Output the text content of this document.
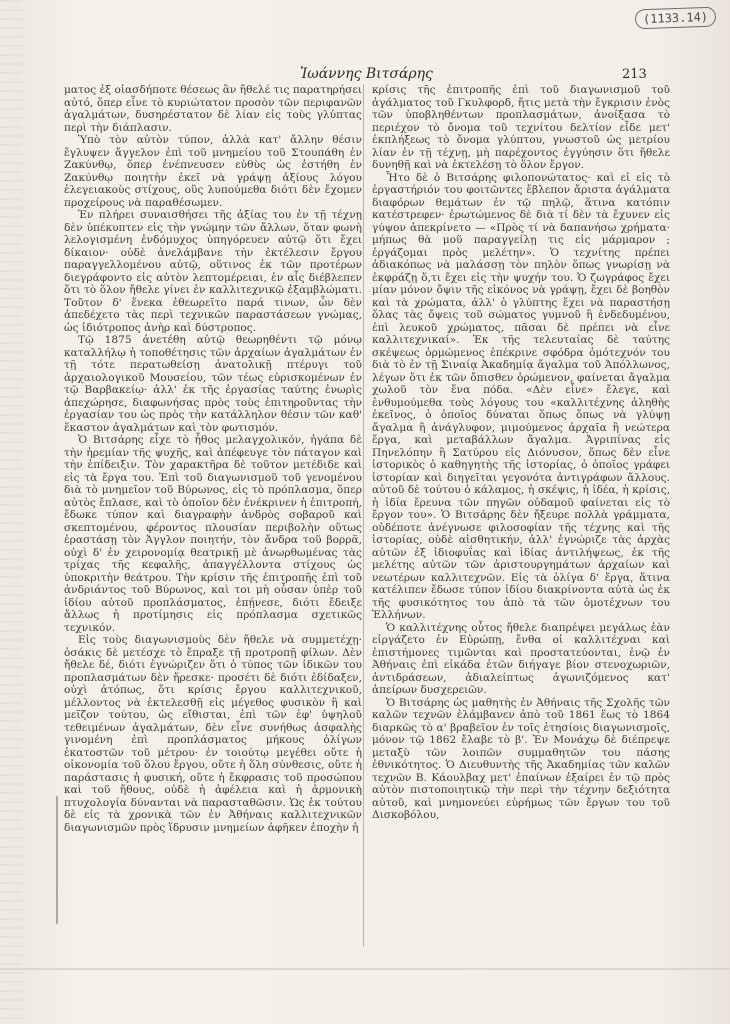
(1133.14)
Ἰωάννης Βιτσάρης	213

ματος ἐξ οἱασδήποτε θέσεως ἂν ἤθελέ τις παρατηρήσει αὐτό, ὅπερ εἶνε τὸ κυριώτατον προσὸν τῶν περιφανῶν ἀγαλμάτων, δυσηρέστατον δὲ λίαν εἰς τοὺς γλύπτας περὶ τὴν διάπλασιν.

Ὑπὸ τὸν αὐτὸν τύπον, ἀλλὰ κατ' ἄλλην θέσιν ἔγλυψεν ἄγγελον ἐπὶ τοῦ μνημείου τοῦ Στουπάθη ἐν Ζακύνθῳ, ὅπερ ἐνέπνευσεν εὐθὺς ὡς ἐστήθη ἐν Ζακύνθῳ ποιητὴν ἐκεῖ νὰ γράψῃ ἀξίους λόγου ἐλεγειακοὺς στίχους, οὓς λυπούμεθα διότι δὲν ἔχομεν προχείρους νὰ παραθέσωμεν.

Ἐν πλήρει συναισθήσει τῆς ἀξίας του ἐν τῇ τέχνῃ δὲν ὑπέκυπτεν εἰς τὴν γνώμην τῶν ἄλλων, ὅταν φωνὴ λελογισμένη ἐνδόμυχος ὑπηγόρευεν αὐτῷ ὅτι ἔχει δίκαιον· οὐδὲ ἀνελάμβανε τὴν ἐκτέλεσιν ἔργου παραγγελλομένου αὐτῷ, οὕτινος ἐκ τῶν προτέρων διεγράφοντο εἰς αὐτὸν λεπτομέρειαι, ἐν αἷς διέβλεπεν ὅτι τὸ ὅλον ἤθελε γίνει ἐν καλλιτεχνικῷ ἐξαμβλώματι. Τοῦτον δ' ἕνεκα ἐθεωρεῖτο παρά τινων, ὧν δὲν ἀπεδέχετο τὰς περὶ τεχνικῶν παραστάσεων γνώμας, ὡς ἰδιότροπος ἀνὴρ καὶ δύστροπος.

Τῷ 1875 ἀνετέθη αὐτῷ θεωρηθέντι τῷ μόνῳ καταλλήλῳ ἡ τοποθέτησις τῶν ἀρχαίων ἀγαλμάτων ἐν τῇ τότε περατωθείσῃ ἀνατολικῇ πτέρυγι τοῦ ἀρχαιολογικοῦ Μουσείου, τῶν τέως εὑρισκομένων ἐν τῷ Βαρβακείῳ· ἀλλ' ἐκ τῆς ἐργασίας ταύτης ἐνωρὶς ἀπεχώρησε, διαφωνήσας πρὸς τοὺς ἐπιτηροῦντας τὴν ἐργασίαν του ὡς πρὸς τὴν κατάλληλον θέσιν τῶν καθ' ἕκαστον ἀγαλμάτων καὶ τὸν φωτισμόν.

Ὁ Βιτσάρης εἶχε τὸ ἦθος μελαγχολικόν, ἠγάπα δὲ τὴν ἠρεμίαν τῆς ψυχῆς, καὶ ἀπέφευγε τὸν πάταγον καὶ τὴν ἐπίδειξιν. Τὸν χαρακτῆρα δὲ τοῦτον μετέδιδε καὶ εἰς τὰ ἔργα του. Ἐπὶ τοῦ διαγωνισμοῦ τοῦ γενομένου διὰ τὸ μνημεῖον τοῦ Βύρωνος, εἰς τὸ πρόπλασμα, ὅπερ αὐτὸς ἔπλασε, καὶ τὸ ὁποῖον δὲν ἐνέκρινεν ἡ ἐπιτροπή, ἔδωκε τύπον καὶ διαγραφὴν ἀνδρὸς σοβαροῦ καὶ σκεπτομένου, φέροντος πλουσίαν περιβολὴν οὕτως ἐραστάσῃ τὸν Ἀγγλον ποιητήν, τὸν ἄνδρα τοῦ βορρᾶ, οὐχὶ δ' ἐν χειρονομίᾳ θεατρικῇ μὲ ἀνωρθωμένας τὰς τρίχας τῆς κεφαλῆς, ἀπαγγέλλοντα στίχους ὡς ὑποκριτὴν θεάτρου. Τὴν κρίσιν τῆς ἐπιτροπῆς ἐπὶ τοῦ ἀνδριάντος τοῦ Βύρωνος, καὶ τοι μὴ οὖσαν ὑπὲρ τοῦ ἰδίου αὐτοῦ προπλάσματος, ἐπῄνεσε, διότι ἔδειξε ἄλλως ἡ προτίμησις εἰς πρόπλασμα σχετικῶς τεχνικόν.

Εἰς τοὺς διαγωνισμοὺς δὲν ἤθελε νὰ συμμετέχῃ· ὁσάκις δὲ μετέσχε τὸ ἔπραξε τῇ προτροπῇ φίλων. Δὲν ἤθελε δέ, διότι ἐγνώριζεν ὅτι ὁ τύπος τῶν ἰδικῶν του προπλασμάτων δὲν ἤρεσκε· προσέτι δὲ διότι ἐδίδαξεν, οὐχὶ ἀτόπως, ὅτι κρίσις ἔργου καλλιτεχνικοῦ, μέλλοντος νὰ ἐκτελεσθῇ εἰς μέγεθος φυσικὸν ἢ καὶ μεῖζον τούτου, ὡς εἴθισται, ἐπὶ τῶν ἐφ' ὑψηλοῦ τεθειμένων ἀγαλμάτων, δὲν εἶνε συνήθως ἀσφαλὴς γινομένη ἐπὶ προπλάσματος μήκους ὀλίγων ἑκατοστῶν τοῦ μέτρου· ἐν τοιούτῳ μεγέθει οὔτε ἡ οἰκονομία τοῦ ὅλου ἔργου, οὔτε ἡ ὅλη σύνθεσις, οὔτε ἡ παράστασις ἡ φυσική, οὔτε ἡ ἔκφρασις τοῦ προσώπου καὶ τοῦ ἤθους, οὐδὲ ἡ ἀφέλεια καὶ ἡ ἁρμονικὴ πτυχολογία δύνανται νὰ παρασταθῶσιν. Ὡς ἐκ τούτου δὲ εἰς τὰ χρονικὰ τῶν ἐν Ἀθήναις καλλιτεχνικῶν διαγωνισμῶν πρὸς ἵδρυσιν μνημείων ἀφῆκεν ἐποχὴν ἡ

κρίσις τῆς ἐπιτροπῆς ἐπὶ τοῦ διαγωνισμοῦ τοῦ ἀγάλματος τοῦ Γκυλφορδ, ἥτις μετὰ τὴν ἔγκρισιν ἑνὸς τῶν ὑποβληθέντων προπλασμάτων, ἀνοίξασα τὸ περιέχον τὸ ὄνομα τοῦ τεχνίτου δελτίον εἶδε μετ' ἐκπλήξεως τὸ ὄνομα γλύπτου, γνωστοῦ ὡς μετρίου λίαν ἐν τῇ τέχνῃ, μὴ παρέχοντος ἐγγύησιν ὅτι ἤθελε δυνηθῇ καὶ νὰ ἐκτελέσῃ τὸ ὅλον ἔργον.

Ἦτο δὲ ὁ Βιτσάρης φιλοπονώτατος· καὶ εἰ εἰς τὸ ἐργαστήριόν του φοιτῶντες ἔβλεπον ἄριστα ἀγάλματα διαφόρων θεμάτων ἐν τῷ πηλῷ, ἅτινα κατόπιν κατέστρεφεν· ἐρωτώμενος δὲ διὰ τί δὲν τὰ ἔχυνεν εἰς γύψον ἀπεκρίνετο — «Πρὸς τί νὰ δαπανήσω χρήματα· μήπως θὰ μοῦ παραγγείλῃ τις εἰς μάρμαρον ; ἐργάζομαι πρὸς μελέτην». Ὁ τεχνίτης πρέπει ἀδιακόπως νὰ μαλάσσῃ τὸν πηλὸν ὅπως γνωρίσῃ νὰ ἐκφράζῃ ὅ,τι ἔχει εἰς τὴν ψυχήν του. Ὁ ζωγράφος ἔχει μίαν μόνον ὄψιν τῆς εἰκόνος νὰ γράψῃ, ἔχει δὲ βοηθὸν καὶ τὰ χρώματα, ἀλλ' ὁ γλύπτης ἔχει νὰ παραστήσῃ ὅλας τὰς ὄψεις τοῦ σώματος γυμνοῦ ἢ ἐνδεδυμένου, ἐπὶ λευκοῦ χρώματος, πᾶσαι δὲ πρέπει νὰ εἶνε καλλιτεχνικαί». Ἐκ τῆς τελευταίας δὲ ταύτης σκέψεως ὁρμώμενος ἐπέκρινε σφόδρα ὁμότεχνόν του διὰ τὸ ἐν τῇ Σιναίᾳ Ἀκαδημίᾳ ἄγαλμα τοῦ Ἀπόλλωνος, λέγων ὅτι ἐκ τῶν ὄπισθεν ὁρώμενον, φαίνεται ἄγαλμα χωλοῦ τὸν ἕνα πόδα. «Δὲν εἶνε» ἔλεγε, καὶ ἐνθυμούμεθα τοὺς λόγους του «καλλιτέχνης ἀληθὴς ἐκεῖνος, ὁ ὁποῖος δύναται ὅπως ὅπως νὰ γλύψῃ ἄγαλμα ἢ ἀνάγλυφον, μιμούμενος ἀρχαῖα ἢ νεώτερα ἔργα, καὶ μεταβάλλων ἄγαλμα. Ἀγριπίνας εἰς Πηνελόπην ἢ Σατύρου εἰς Διόνυσον, ὅπως δὲν εἶνε ἱστορικὸς ὁ καθηγητὴς τῆς ἱστορίας, ὁ ὁποῖος γράφει ἱστορίαν καὶ διηγεῖται γεγονότα ἀντιγράφων ἄλλους. αὐτοῦ δὲ τούτου ὁ κάλαμος, ἡ σκέψις, ἡ ἰδέα, ἡ κρίσις, ἡ ἰδία ἔρευνα τῶν πηγῶν οὐδαμοῦ φαίνεται εἰς τὸ ἔργον του». Ὁ Βιτσάρης δὲν ἤξευρε πολλὰ γράμματα, οὐδέποτε ἀνέγνωσε φιλοσοφίαν τῆς τέχνης καὶ τῆς ἱστορίας, οὐδὲ αἰσθητικήν, ἀλλ' ἐγνώριζε τὰς ἀρχὰς αὐτῶν ἐξ ἰδιοφυΐας καὶ ἰδίας ἀντιλήψεως, ἐκ τῆς μελέτης αὐτῶν τῶν ἀριστουργημάτων ἀρχαίων καὶ νεωτέρων καλλιτεχνῶν. Εἰς τὰ ὀλίγα δ' ἔργα, ἅτινα κατέλιπεν ἔδωσε τύπον ἰδίου διακρίνοντα αὐτὰ ὡς ἐκ τῆς φυσικότητος του ἀπὸ τὰ τῶν ὁμοτέχνων του Ἑλλήνων.

Ὁ καλλιτέχνης οὗτος ἤθελε διαπρέψει μεγάλως ἐὰν εἰργάζετο ἐν Εὐρώπῃ, ἔνθα οἱ καλλιτέχναι καὶ ἐπιστήμονες τιμῶνται καὶ προστατεύονται, ἐνῷ ἐν Ἀθήναις ἐπὶ εἰκάδα ἐτῶν διήγαγε βίον στενοχωριῶν, ἀντιδράσεων, ἀδιαλείπτως ἀγωνιζόμενος κατ' ἀπείρων δυσχερειῶν.

Ὁ Βιτσάρης ὡς μαθητὴς ἐν Ἀθήναις τῆς Σχολῆς τῶν καλῶν τεχνῶν ἐλάμβανεν ἀπὸ τοῦ 1861 ἕως τὸ 1864 διαρκῶς τὸ α' βραβεῖον ἐν τοῖς ἐτησίοις διαγωνισμοῖς, μόνον τῷ 1862 ἔλαβε τὸ β'. Ἐν Μονάχῳ δὲ διέπρεψε μεταξὺ τῶν λοιπῶν συμμαθητῶν του πάσης ἐθνικότητος. Ὁ Διευθυντὴς τῆς Ἀκαδημίας τῶν καλῶν τεχνῶν Β. Κάουλβαχ μετ' ἐπαίνων ἐξαίρει ἐν τῷ πρὸς αὐτὸν πιστοποιητικῷ τὴν περὶ τὴν τέχνην δεξιότητα αὐτοῦ, καὶ μνημονεύει εὑρήμως τῶν ἔργων του τοῦ Δισκοβόλου,
